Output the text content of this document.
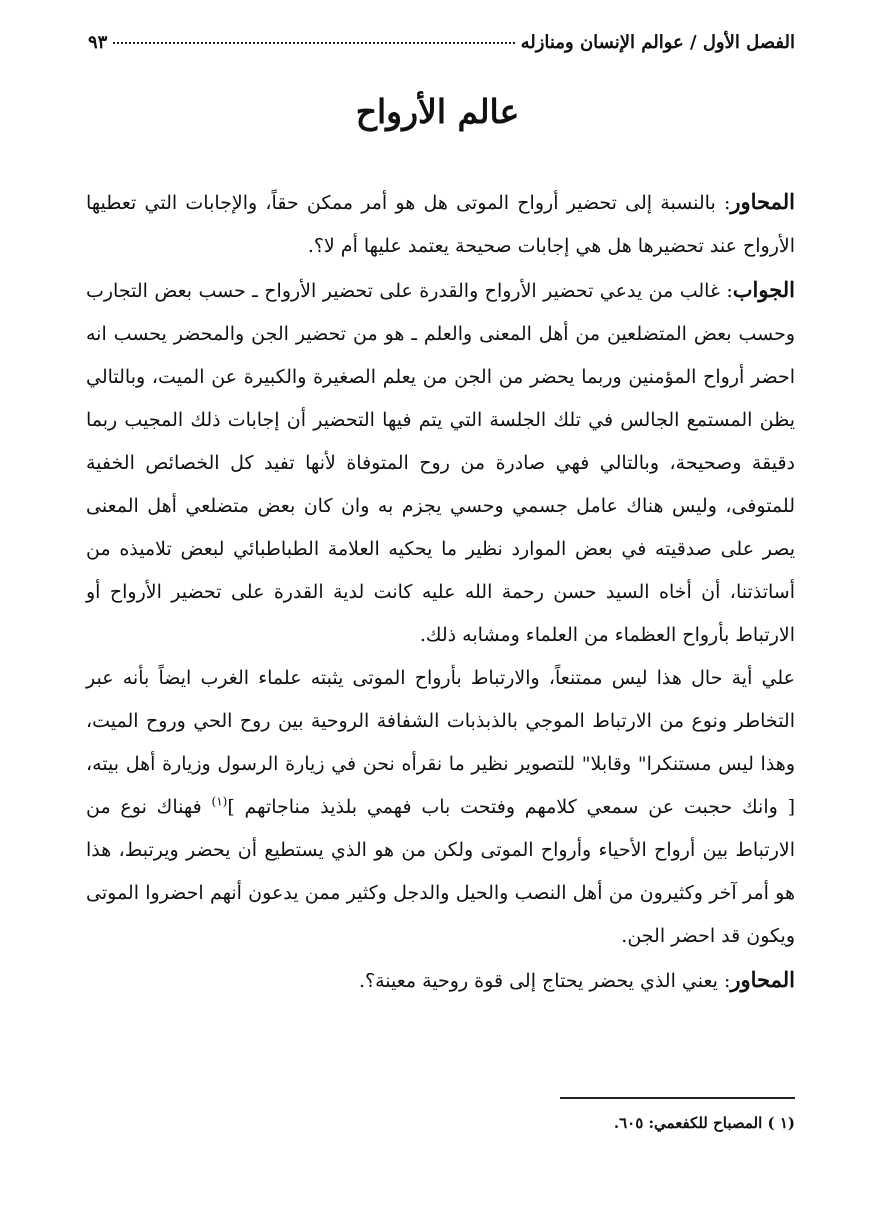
الفصل الأول / عوالم الإنسان ومنازله
٩٣
عالم الأرواح

المحاور: بالنسبة إلى تحضير أرواح الموتى هل هو أمر ممكن حقاً، والإجابات التي تعطيها الأرواح عند تحضيرها هل هي إجابات صحيحة يعتمد عليها أم لا؟.

الجواب: غالب من يدعي تحضير الأرواح والقدرة على تحضير الأرواح ـ حسب بعض التجارب وحسب بعض المتضلعين من أهل المعنى والعلم ـ هو من تحضير الجن والمحضر يحسب انه احضر أرواح المؤمنين وربما يحضر من الجن من يعلم الصغيرة والكبيرة عن الميت، وبالتالي يظن المستمع الجالس في تلك الجلسة التي يتم فيها التحضير أن إجابات ذلك المجيب ربما دقيقة وصحيحة، وبالتالي فهي صادرة من روح المتوفاة لأنها تفيد كل الخصائص الخفية للمتوفى، وليس هناك عامل جسمي وحسي يجزم به وان كان بعض متضلعي أهل المعنى يصر على صدقيته في بعض الموارد نظير ما يحكيه العلامة الطباطبائي لبعض تلاميذه من أساتذتنا، أن أخاه السيد حسن رحمة الله عليه كانت لدية القدرة على تحضير الأرواح أو الارتباط بأرواح العظماء من العلماء ومشابه ذلك.

علي أية حال هذا ليس ممتنعاً، والارتباط بأرواح الموتى يثبته علماء الغرب ايضاً بأنه عبر التخاطر ونوع من الارتباط الموجي بالذبذبات الشفافة الروحية بين روح الحي وروح الميت، وهذا ليس مستنكرا" وقابلا" للتصوير نظير ما نقرأه نحن في زيارة الرسول وزيارة أهل بيته، [ وانك حجبت عن سمعي كلامهم وفتحت باب فهمي بلذيذ مناجاتهم ]$^{(١)}$ فهناك نوع من الارتباط بين أرواح الأحياء وأرواح الموتى ولكن من هو الذي يستطيع أن يحضر ويرتبط، هذا هو أمر آخر وكثيرون من أهل النصب والحيل والدجل وكثير ممن يدعون أنهم احضروا الموتى ويكون قد احضر الجن.

المحاور: يعني الذي يحضر يحتاج إلى قوة روحية معينة؟.

(١ ) المصباح للكفعمي: ٦٠٥.
